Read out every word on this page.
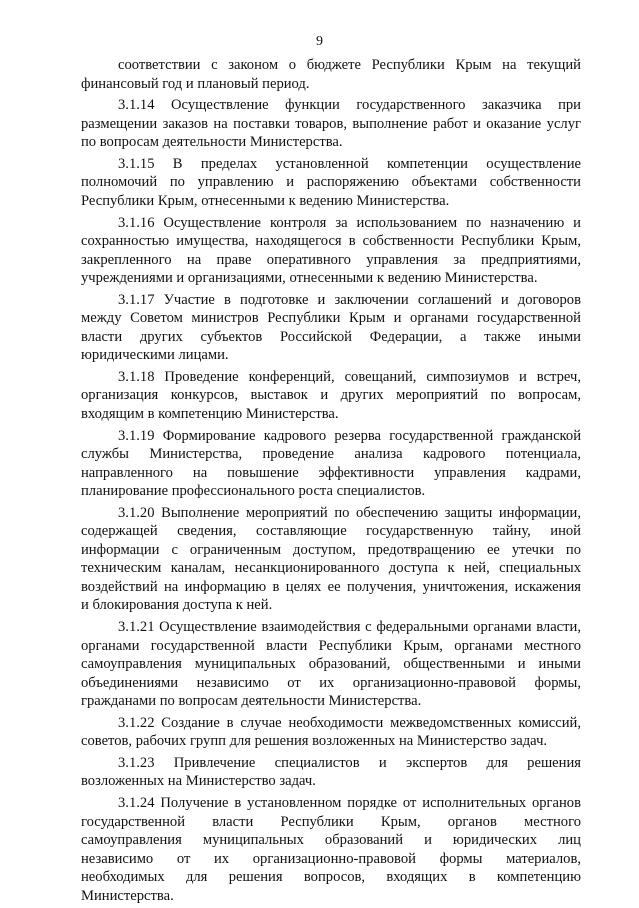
9
соответствии с законом о бюджете Республики Крым на текущий
финансовый год и плановый период.
3.1.14 Осуществление функции государственного заказчика при
размещении заказов на поставки товаров, выполнение работ и оказание услуг
по вопросам деятельности Министерства.
3.1.15 В пределах установленной компетенции осуществление
полномочий по управлению и распоряжению объектами собственности
Республики Крым, отнесенными к ведению Министерства.
3.1.16 Осуществление контроля за использованием по назначению и
сохранностью имущества, находящегося в собственности Республики Крым,
закрепленного на праве оперативного управления за предприятиями,
учреждениями и организациями, отнесенными к ведению Министерства.
3.1.17 Участие в подготовке и заключении соглашений и договоров
между Советом министров Республики Крым и органами государственной
власти других субъектов Российской Федерации, а также иными
юридическими лицами.
3.1.18 Проведение конференций, совещаний, симпозиумов и встреч,
организация конкурсов, выставок и других мероприятий по вопросам,
входящим в компетенцию Министерства.
3.1.19 Формирование кадрового резерва государственной гражданской
службы Министерства, проведение анализа кадрового потенциала,
направленного на повышение эффективности управления кадрами,
планирование профессионального роста специалистов.
3.1.20 Выполнение мероприятий по обеспечению защиты информации,
содержащей сведения, составляющие государственную тайну, иной
информации с ограниченным доступом, предотвращению ее утечки по
техническим каналам, несанкционированного доступа к ней, специальных
воздействий на информацию в целях ее получения, уничтожения, искажения
и блокирования доступа к ней.
3.1.21 Осуществление взаимодействия с федеральными органами власти,
органами государственной власти Республики Крым, органами местного
самоуправления муниципальных образований, общественными и иными
объединениями независимо от их организационно-правовой формы,
гражданами по вопросам деятельности Министерства.
3.1.22 Создание в случае необходимости межведомственных комиссий,
советов, рабочих групп для решения возложенных на Министерство задач.
3.1.23 Привлечение специалистов и экспертов для решения
возложенных на Министерство задач.
3.1.24 Получение в установленном порядке от исполнительных органов
государственной власти Республики Крым, органов местного
самоуправления муниципальных образований и юридических лиц
независимо от их организационно-правовой формы материалов,
необходимых для решения вопросов, входящих в компетенцию
Министерства.
